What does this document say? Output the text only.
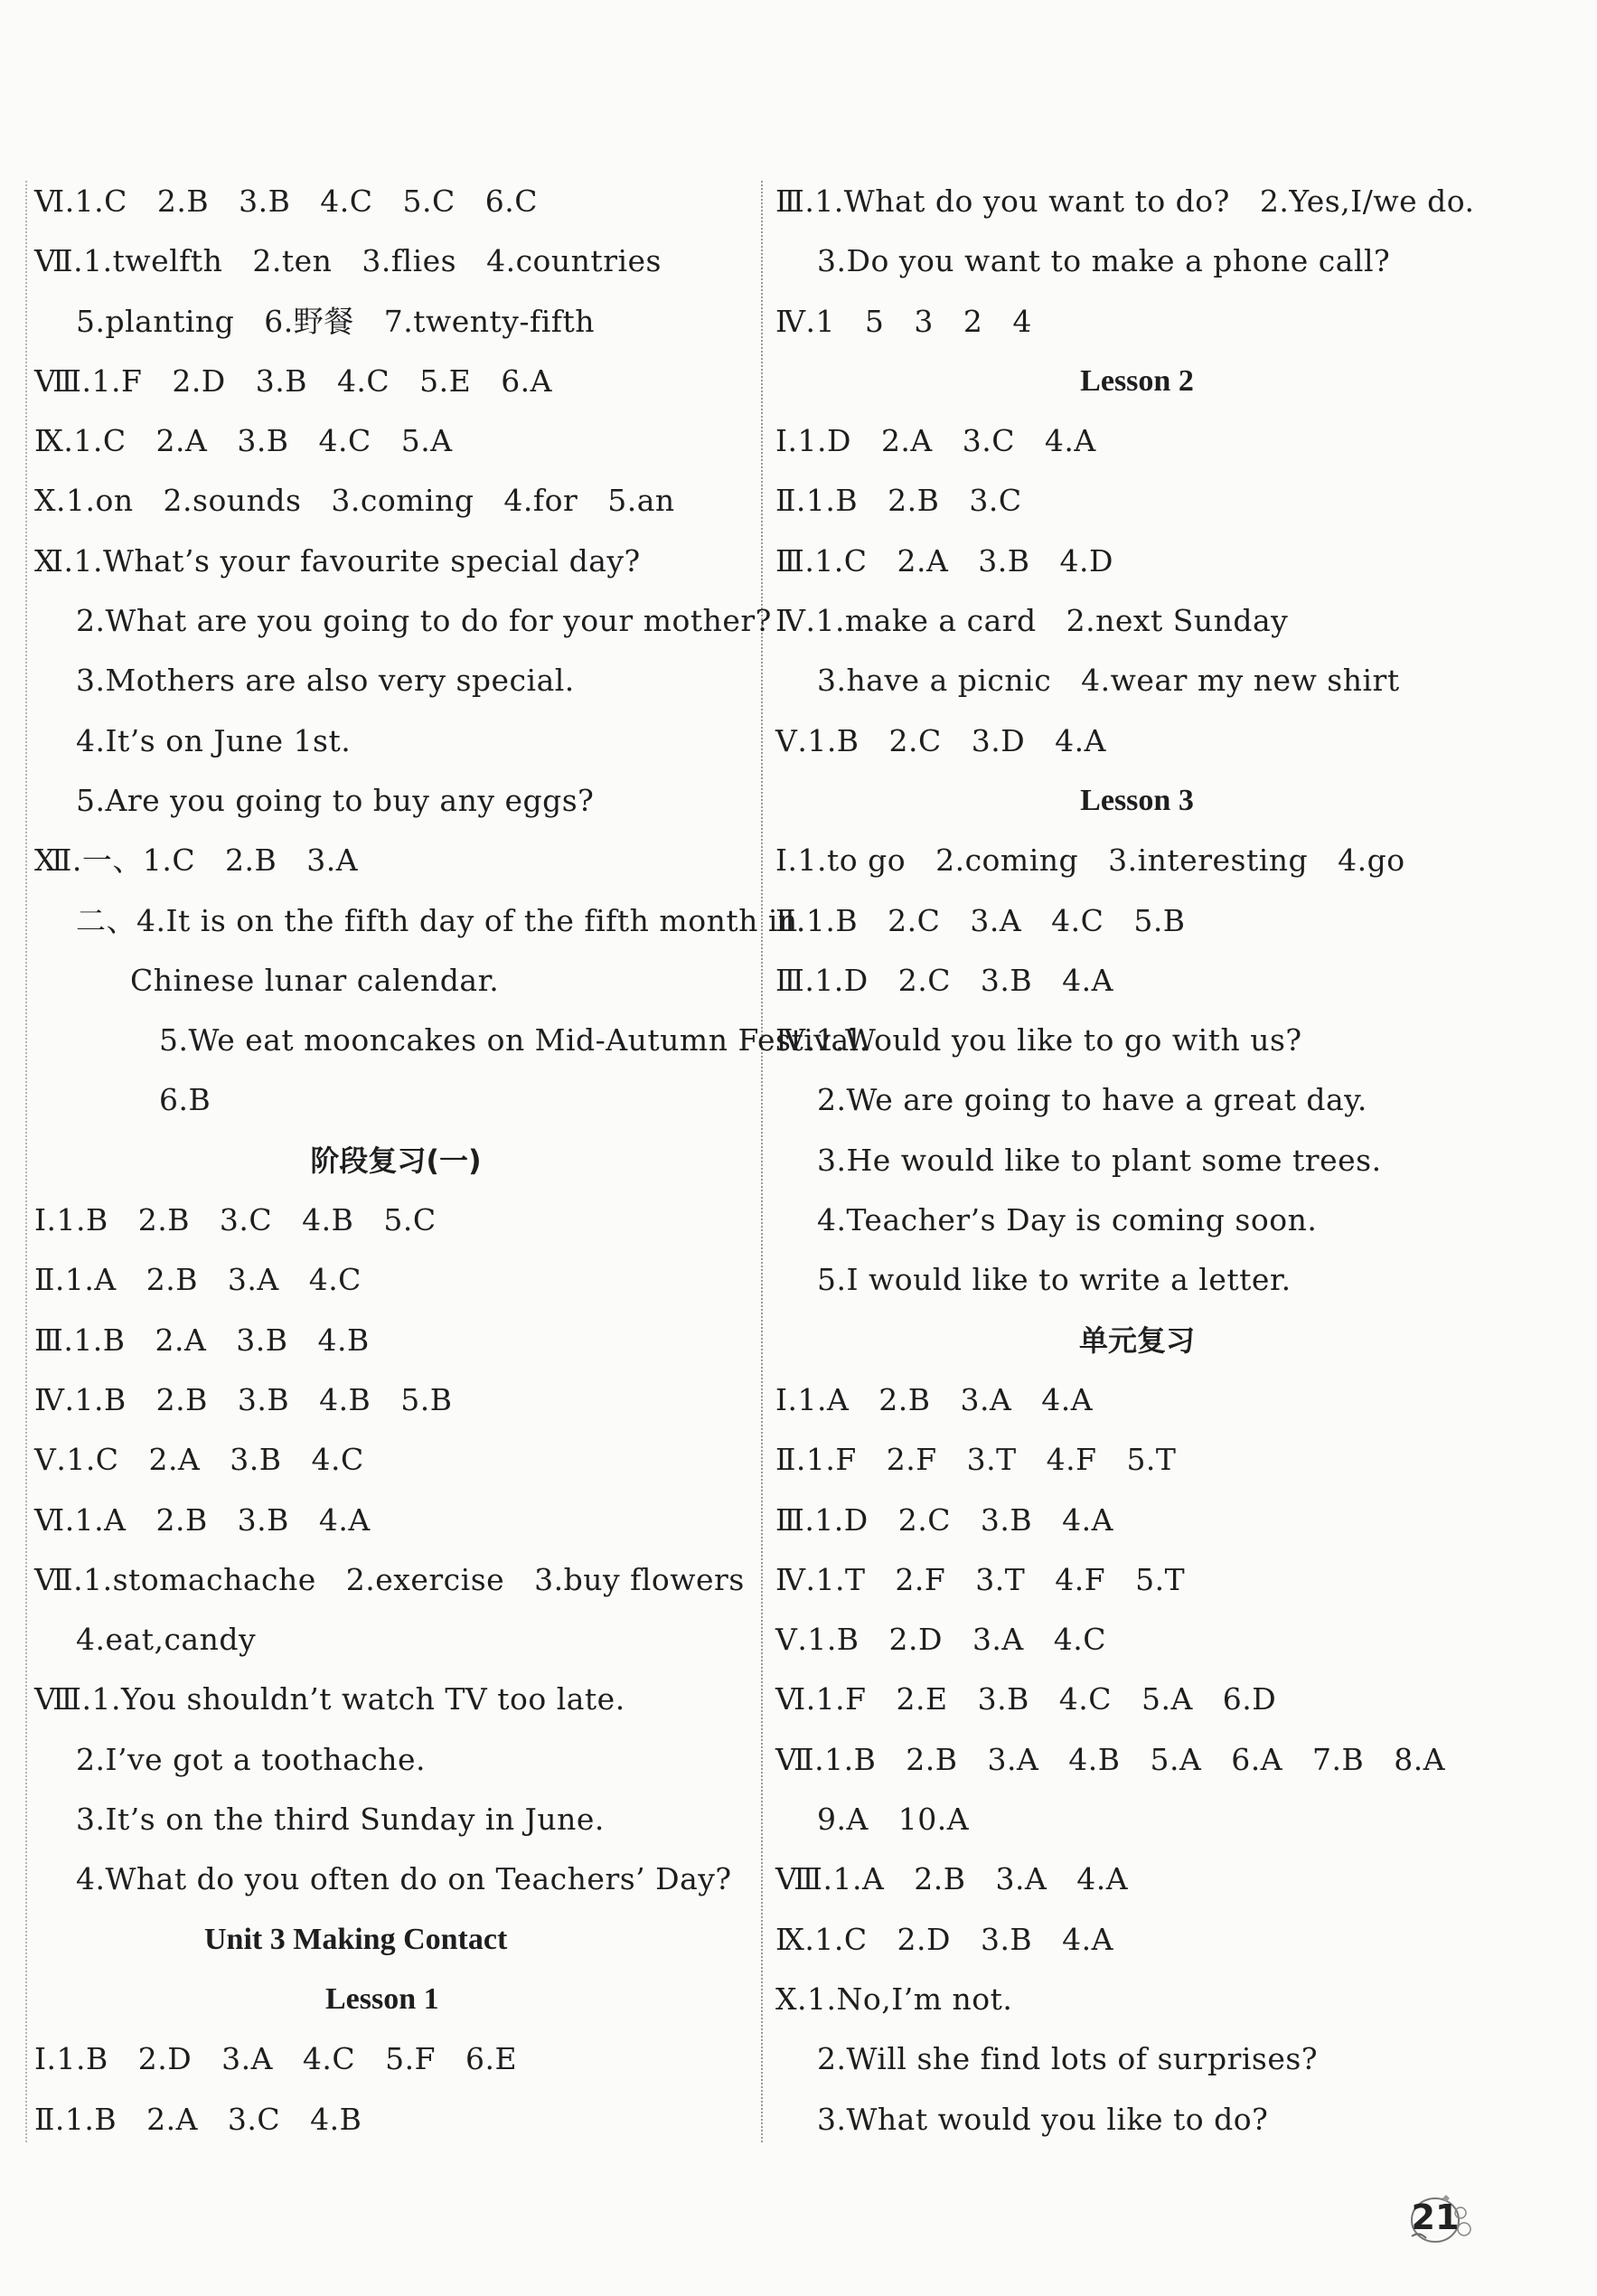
Ⅵ.1.C   2.B   3.B   4.C   5.C   6.C
Ⅶ.1.twelfth   2.ten   3.flies   4.countries
5.planting   6.野餐   7.twenty-fifth
Ⅷ.1.F   2.D   3.B   4.C   5.E   6.A
Ⅸ.1.C   2.A   3.B   4.C   5.A
Ⅹ.1.on   2.sounds   3.coming   4.for   5.an
Ⅺ.1.What’s your favourite special day?
2.What are you going to do for your mother?
3.Mothers are also very special.
4.It’s on June 1st.
5.Are you going to buy any eggs?
Ⅻ.一、1.C   2.B   3.A
二、4.It is on the fifth day of the fifth month in
Chinese lunar calendar.
5.We eat mooncakes on Mid-Autumn Festival.
6.B
阶段复习(一)
Ⅰ.1.B   2.B   3.C   4.B   5.C
Ⅱ.1.A   2.B   3.A   4.C
Ⅲ.1.B   2.A   3.B   4.B
Ⅳ.1.B   2.B   3.B   4.B   5.B
Ⅴ.1.C   2.A   3.B   4.C
Ⅵ.1.A   2.B   3.B   4.A
Ⅶ.1.stomachache   2.exercise   3.buy flowers
4.eat,candy
Ⅷ.1.You shouldn’t watch TV too late.
2.I’ve got a toothache.
3.It’s on the third Sunday in June.
4.What do you often do on Teachers’ Day?
Unit 3 Making Contact
Lesson 1
Ⅰ.1.B   2.D   3.A   4.C   5.F   6.E
Ⅱ.1.B   2.A   3.C   4.B
Ⅲ.1.What do you want to do?   2.Yes,I/we do.
3.Do you want to make a phone call?
Ⅳ.1   5   3   2   4
Lesson 2
Ⅰ.1.D   2.A   3.C   4.A
Ⅱ.1.B   2.B   3.C
Ⅲ.1.C   2.A   3.B   4.D
Ⅳ.1.make a card   2.next Sunday
3.have a picnic   4.wear my new shirt
Ⅴ.1.B   2.C   3.D   4.A
Lesson 3
Ⅰ.1.to go   2.coming   3.interesting   4.go
Ⅱ.1.B   2.C   3.A   4.C   5.B
Ⅲ.1.D   2.C   3.B   4.A
Ⅳ.1.Would you like to go with us?
2.We are going to have a great day.
3.He would like to plant some trees.
4.Teacher’s Day is coming soon.
5.I would like to write a letter.
单元复习
Ⅰ.1.A   2.B   3.A   4.A
Ⅱ.1.F   2.F   3.T   4.F   5.T
Ⅲ.1.D   2.C   3.B   4.A
Ⅳ.1.T   2.F   3.T   4.F   5.T
Ⅴ.1.B   2.D   3.A   4.C
Ⅵ.1.F   2.E   3.B   4.C   5.A   6.D
Ⅶ.1.B   2.B   3.A   4.B   5.A   6.A   7.B   8.A
9.A   10.A
Ⅷ.1.A   2.B   3.A   4.A
Ⅸ.1.C   2.D   3.B   4.A
Ⅹ.1.No,I’m not.
2.Will she find lots of surprises?
3.What would you like to do?
21
